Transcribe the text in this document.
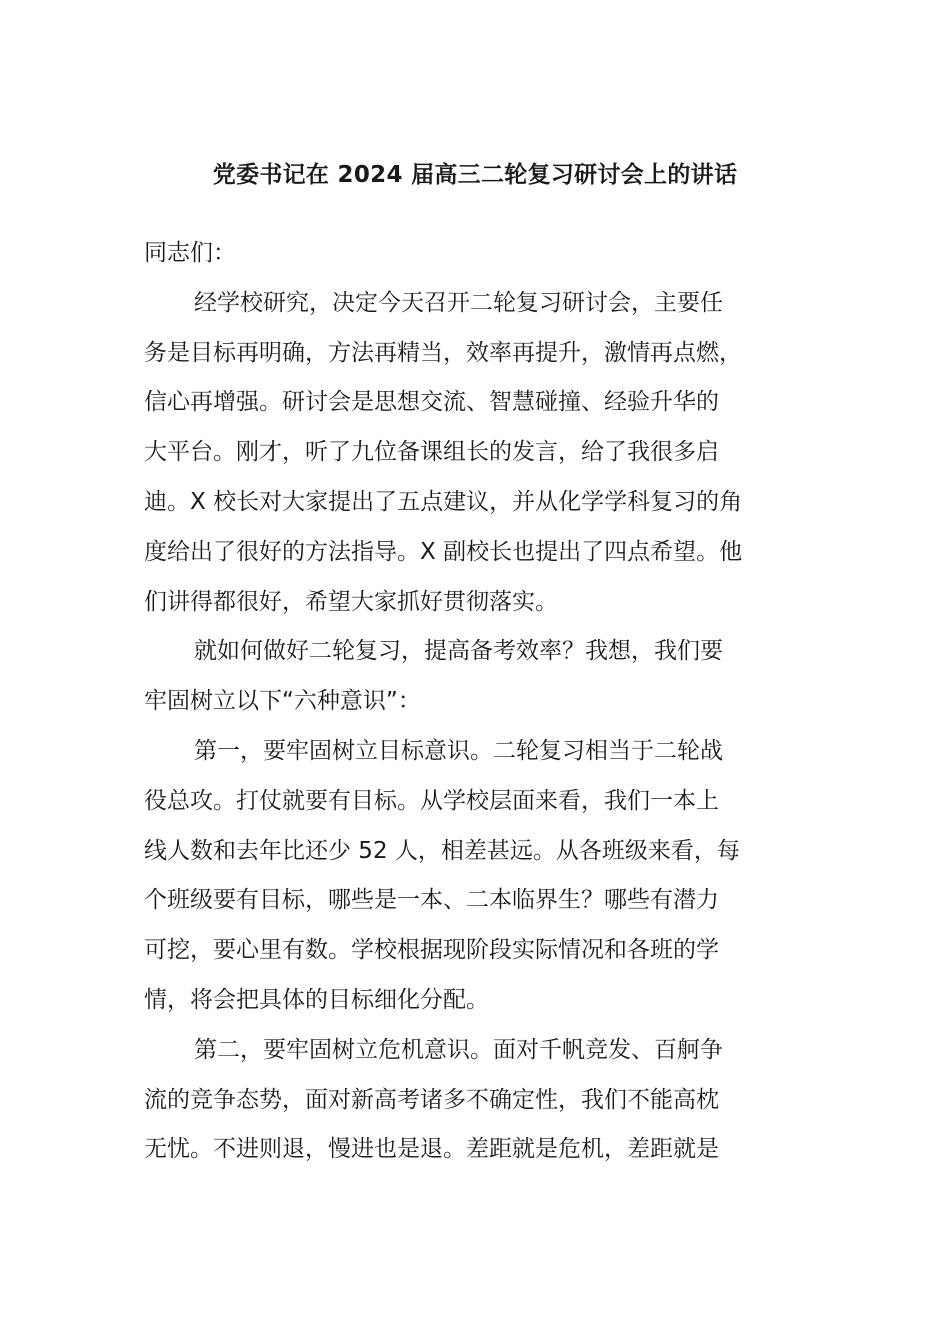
党委书记在 2024 届高三二轮复习研讨会上的讲话
同志们：
经学校研究，决定今天召开二轮复习研讨会，主要任
务是目标再明确，方法再精当，效率再提升，激情再点燃，
信心再增强。研讨会是思想交流、智慧碰撞、经验升华的
大平台。刚才，听了九位备课组长的发言，给了我很多启
迪。X 校长对大家提出了五点建议，并从化学学科复习的角
度给出了很好的方法指导。X 副校长也提出了四点希望。他
们讲得都很好，希望大家抓好贯彻落实。
就如何做好二轮复习，提高备考效率？我想，我们要
牢固树立以下“六种意识”：
第一，要牢固树立目标意识。二轮复习相当于二轮战
役总攻。打仗就要有目标。从学校层面来看，我们一本上
线人数和去年比还少 52 人，相差甚远。从各班级来看，每
个班级要有目标，哪些是一本、二本临界生？哪些有潜力
可挖，要心里有数。学校根据现阶段实际情况和各班的学
情，将会把具体的目标细化分配。
第二，要牢固树立危机意识。面对千帆竞发、百舸争
流的竞争态势，面对新高考诸多不确定性，我们不能高枕
无忧。不进则退，慢进也是退。差距就是危机，差距就是
